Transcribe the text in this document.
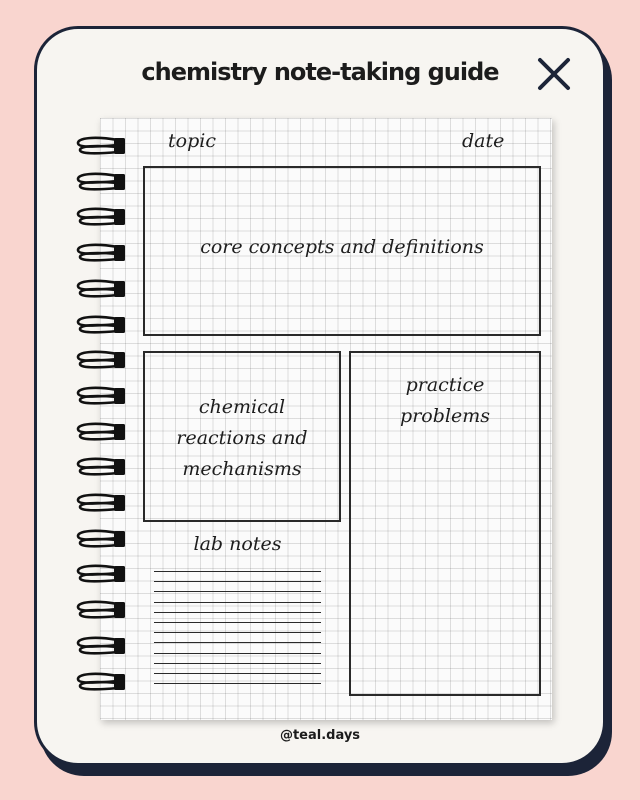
chemistry note-taking guide
topic	date
core concepts and definitions
chemical
reactions and
mechanisms
practice
problems
lab notes
@teal.days
